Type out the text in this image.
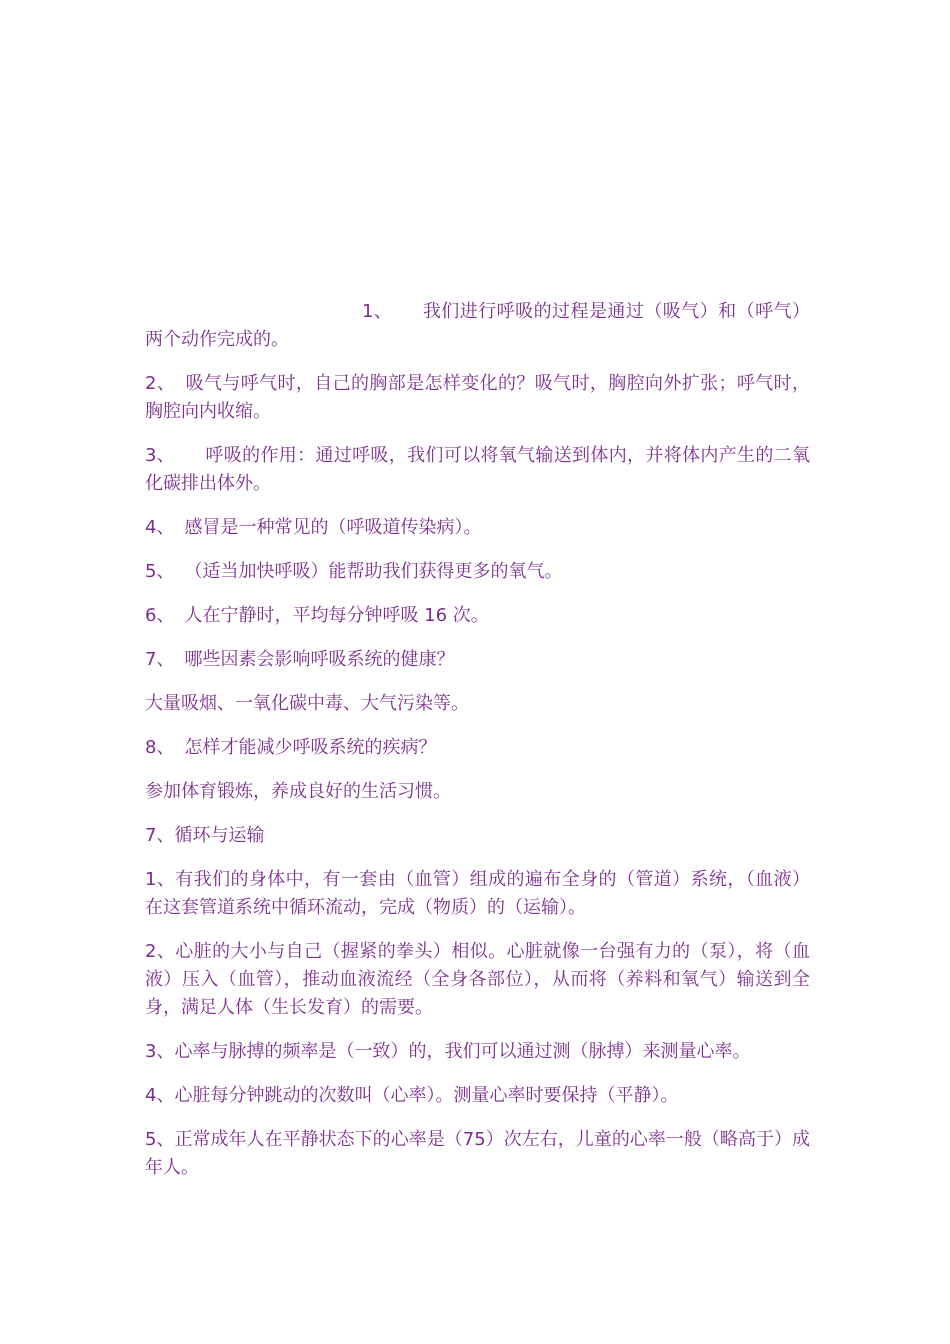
1、 我们进行呼吸的过程是通过（吸气）和（呼气）两个动作完成的。

2、 吸气与呼气时，自己的胸部是怎样变化的？吸气时，胸腔向外扩张；呼气时，胸腔向内收缩。

3、 呼吸的作用：通过呼吸，我们可以将氧气输送到体内，并将体内产生的二氧化碳排出体外。

4、 感冒是一种常见的（呼吸道传染病）。

5、 （适当加快呼吸）能帮助我们获得更多的氧气。

6、 人在宁静时，平均每分钟呼吸 16 次。

7、 哪些因素会影响呼吸系统的健康？

大量吸烟、一氧化碳中毒、大气污染等。

8、 怎样才能减少呼吸系统的疾病？

参加体育锻炼，养成良好的生活习惯。

7、循环与运输

1、有我们的身体中，有一套由（血管）组成的遍布全身的（管道）系统，（血液）在这套管道系统中循环流动，完成（物质）的（运输）。

2、心脏的大小与自己（握紧的拳头）相似。心脏就像一台强有力的（泵），将（血液）压入（血管），推动血液流经（全身各部位），从而将（养料和氧气）输送到全身，满足人体（生长发育）的需要。

3、心率与脉搏的频率是（一致）的，我们可以通过测（脉搏）来测量心率。

4、心脏每分钟跳动的次数叫（心率）。测量心率时要保持（平静）。

5、正常成年人在平静状态下的心率是（75）次左右，儿童的心率一般（略高于）成年人。
